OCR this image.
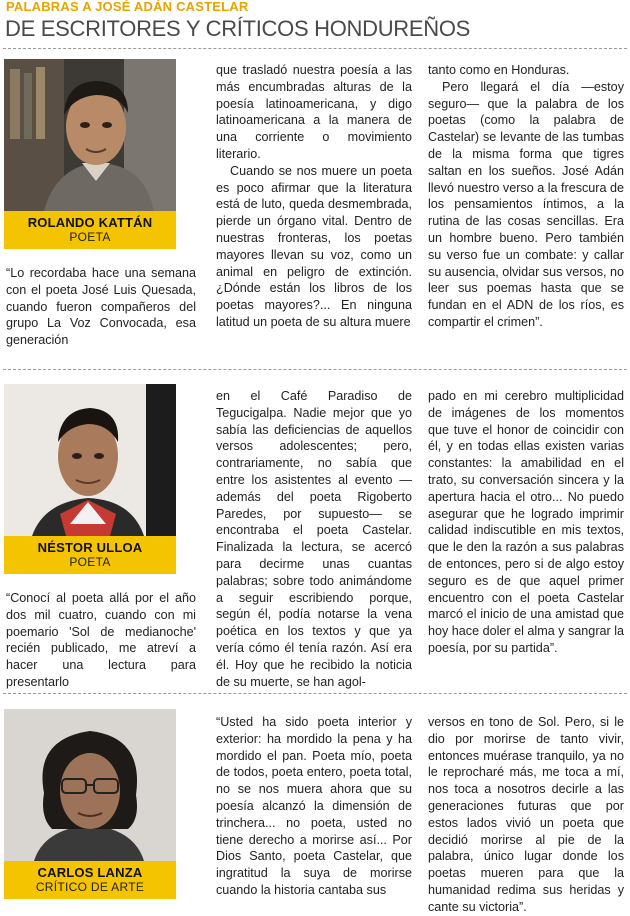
PALABRAS A JOSÉ ADÁN CASTELAR
DE ESCRITORES Y CRÍTICOS HONDUREÑOS
ROLANDO KATTÁN
POETA

“Lo recordaba hace una semana con el poeta José Luis Quesada, cuando fueron compañeros del grupo La Voz Convocada, esa generación

que trasladó nuestra poesía a las más encumbradas alturas de la poesía latinoamericana, y digo latinoamericana a la manera de una corriente o movimiento literario.

Cuando se nos muere un poeta es poco afirmar que la literatura está de luto, queda desmembrada, pierde un órgano vital. Dentro de nuestras fronteras, los poetas mayores llevan su voz, como un animal en peligro de extinción. ¿Dónde están los libros de los poetas mayores?... En ninguna latitud un poeta de su altura muere

tanto como en Honduras.

Pero llegará el día —estoy seguro— que la palabra de los poetas (como la palabra de Castelar) se levante de las tumbas de la misma forma que tigres saltan en los sueños. José Adán llevó nuestro verso a la frescura de los pensamientos íntimos, a la rutina de las cosas sencillas. Era un hombre bueno. Pero también su verso fue un combate: y callar su ausencia, olvidar sus versos, no leer sus poemas hasta que se fundan en el ADN de los ríos, es compartir el crimen”.

NÉSTOR ULLOA
POETA

“Conocí al poeta allá por el año dos mil cuatro, cuando con mi poemario 'Sol de medianoche' recién publicado, me atreví a hacer una lectura para presentarlo

en el Café Paradiso de Tegucigalpa. Nadie mejor que yo sabía las deficiencias de aquellos versos adolescentes; pero, contrariamente, no sabía que entre los asistentes al evento —además del poeta Rigoberto Paredes, por supuesto— se encontraba el poeta Castelar. Finalizada la lectura, se acercó para decirme unas cuantas palabras; sobre todo animándome a seguir escribiendo porque, según él, podía notarse la vena poética en los textos y que ya vería cómo él tenía razón. Así era él. Hoy que he recibido la noticia de su muerte, se han agol-

pado en mi cerebro multiplicidad de imágenes de los momentos que tuve el honor de coincidir con él, y en todas ellas existen varias constantes: la amabilidad en el trato, su conversación sincera y la apertura hacia el otro... No puedo asegurar que he logrado imprimir calidad indiscutible en mis textos, que le den la razón a sus palabras de entonces, pero si de algo estoy seguro es de que aquel primer encuentro con el poeta Castelar marcó el inicio de una amistad que hoy hace doler el alma y sangrar la poesía, por su partida”.

CARLOS LANZA
CRÍTICO DE ARTE

“Usted ha sido poeta interior y exterior: ha mordido la pena y ha mordido el pan. Poeta mío, poeta de todos, poeta entero, poeta total, no se nos muera ahora que su poesía alcanzó la dimensión de trinchera... no poeta, usted no tiene derecho a morirse así... Por Dios Santo, poeta Castelar, que ingratitud la suya de morirse cuando la historia cantaba sus

versos en tono de Sol. Pero, si le dio por morirse de tanto vivir, entonces muérase tranquilo, ya no le reprocharé más, me toca a mí, nos toca a nosotros decirle a las generaciones futuras que por estos lados vivió un poeta que decidió morirse al pie de la palabra, único lugar donde los poetas mueren para que la humanidad redima sus heridas y cante su victoria”.
